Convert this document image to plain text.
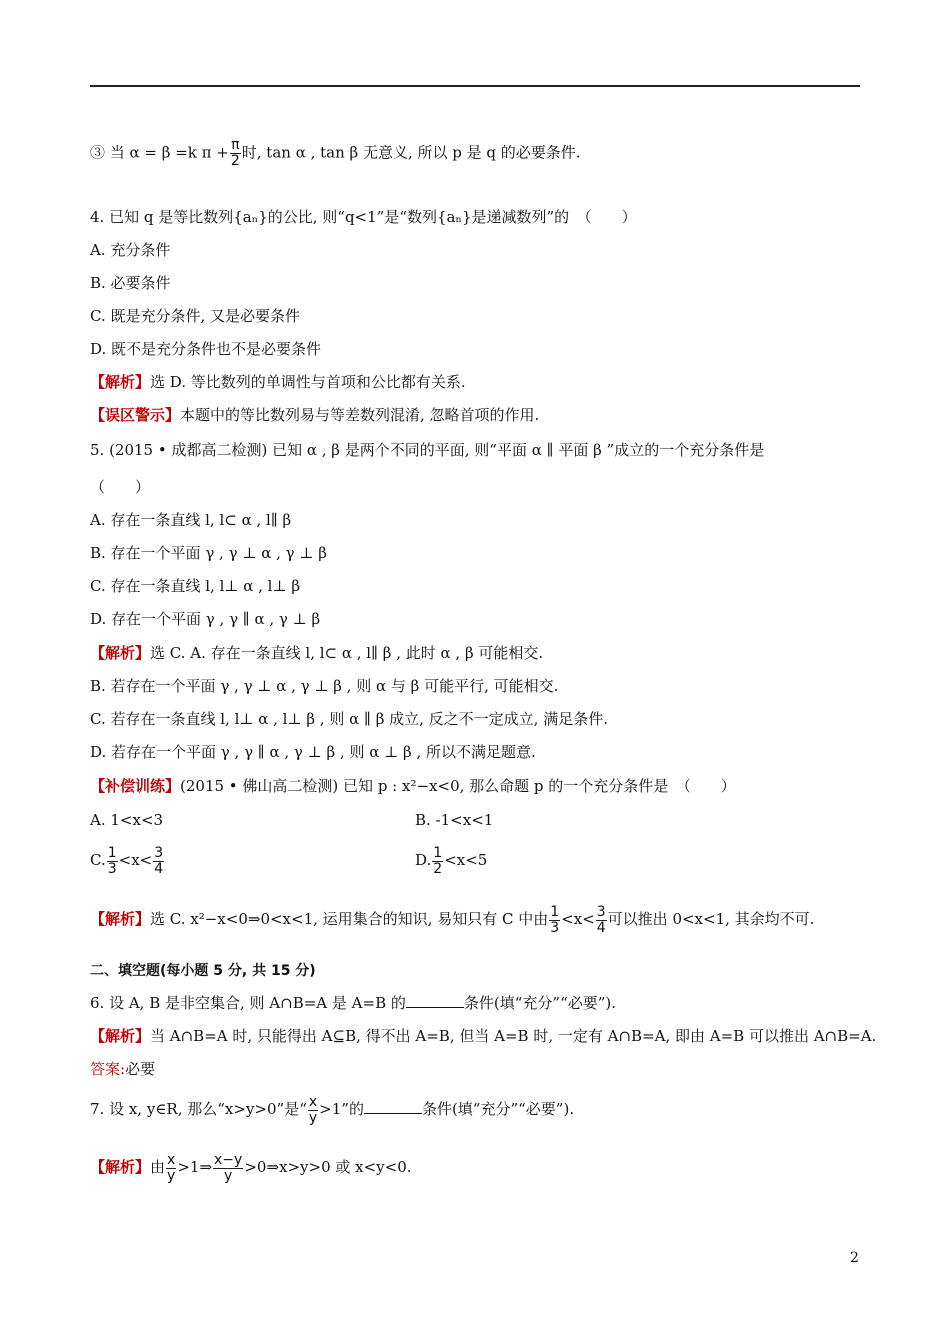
③ 当 α = β =k $\pi + \frac{\pi}{2}$ 时, tan α , tan β 无意义, 所以 p 是 q 的必要条件.
4. 已知 q 是等比数列{aₙ}的公比, 则“q<1”是“数列{aₙ}是递减数列”的　（　　）
A. 充分条件
B. 必要条件
C. 既是充分条件, 又是必要条件
D. 既不是充分条件也不是必要条件
【解析】选 D. 等比数列的单调性与首项和公比都有关系.
【误区警示】本题中的等比数列易与等差数列混淆, 忽略首项的作用.
5. (2015 • 成都高二检测) 已知 α , β 是两个不同的平面, 则“平面 α ∥ 平面 β ”成立的一个充分条件是
（　　）
A. 存在一条直线 l, l⊂ α , l∥ β
B. 存在一个平面 γ , γ ⊥ α , γ ⊥ β
C. 存在一条直线 l, l⊥ α , l⊥ β
D. 存在一个平面 γ , γ ∥ α , γ ⊥ β
【解析】选 C. A. 存在一条直线 l, l⊂ α , l∥ β , 此时 α , β 可能相交.
B. 若存在一个平面 γ , γ ⊥ α , γ ⊥ β , 则 α 与 β 可能平行, 可能相交.
C. 若存在一条直线 l, l⊥ α , l⊥ β , 则 α ∥ β 成立, 反之不一定成立, 满足条件.
D. 若存在一个平面 γ , γ ∥ α , γ ⊥ β , 则 α ⊥ β , 所以不满足题意.
【补偿训练】(2015 • 佛山高二检测) 已知 p : x²−x<0, 那么命题 p 的一个充分条件是　（　　）
A. 1<x<3	B. -1<x<1
C. $\frac{1}{3} <x< \frac{3}{4}$	D. $\frac{1}{2} <x<5$
【解析】选 C. x²−x<0⇒0<x<1, 运用集合的知识, 易知只有 C 中由 $\frac{1}{3} <x< \frac{3}{4}$ 可以推出 0<x<1, 其余均不可.
二、填空题(每小题 5 分, 共 15 分)
6. 设 A, B 是非空集合, 则 A∩B=A 是 A=B 的	条件(填“充分”“必要”).
【解析】当 A∩B=A 时, 只能得出 A⊆B, 得不出 A=B, 但当 A=B 时, 一定有 A∩B=A, 即由 A=B 可以推出 A∩B=A.
答案:必要
7. 设 x, y∈R, 那么“x>y>0”是“ $\frac{x}{y} >1$”的	条件(填“充分”“必要”).
【解析】由 $\frac{x}{y}$ >1⇒ $\frac{x-y}{y}$ >0⇒x>y>0 或 x<y<0.
2
